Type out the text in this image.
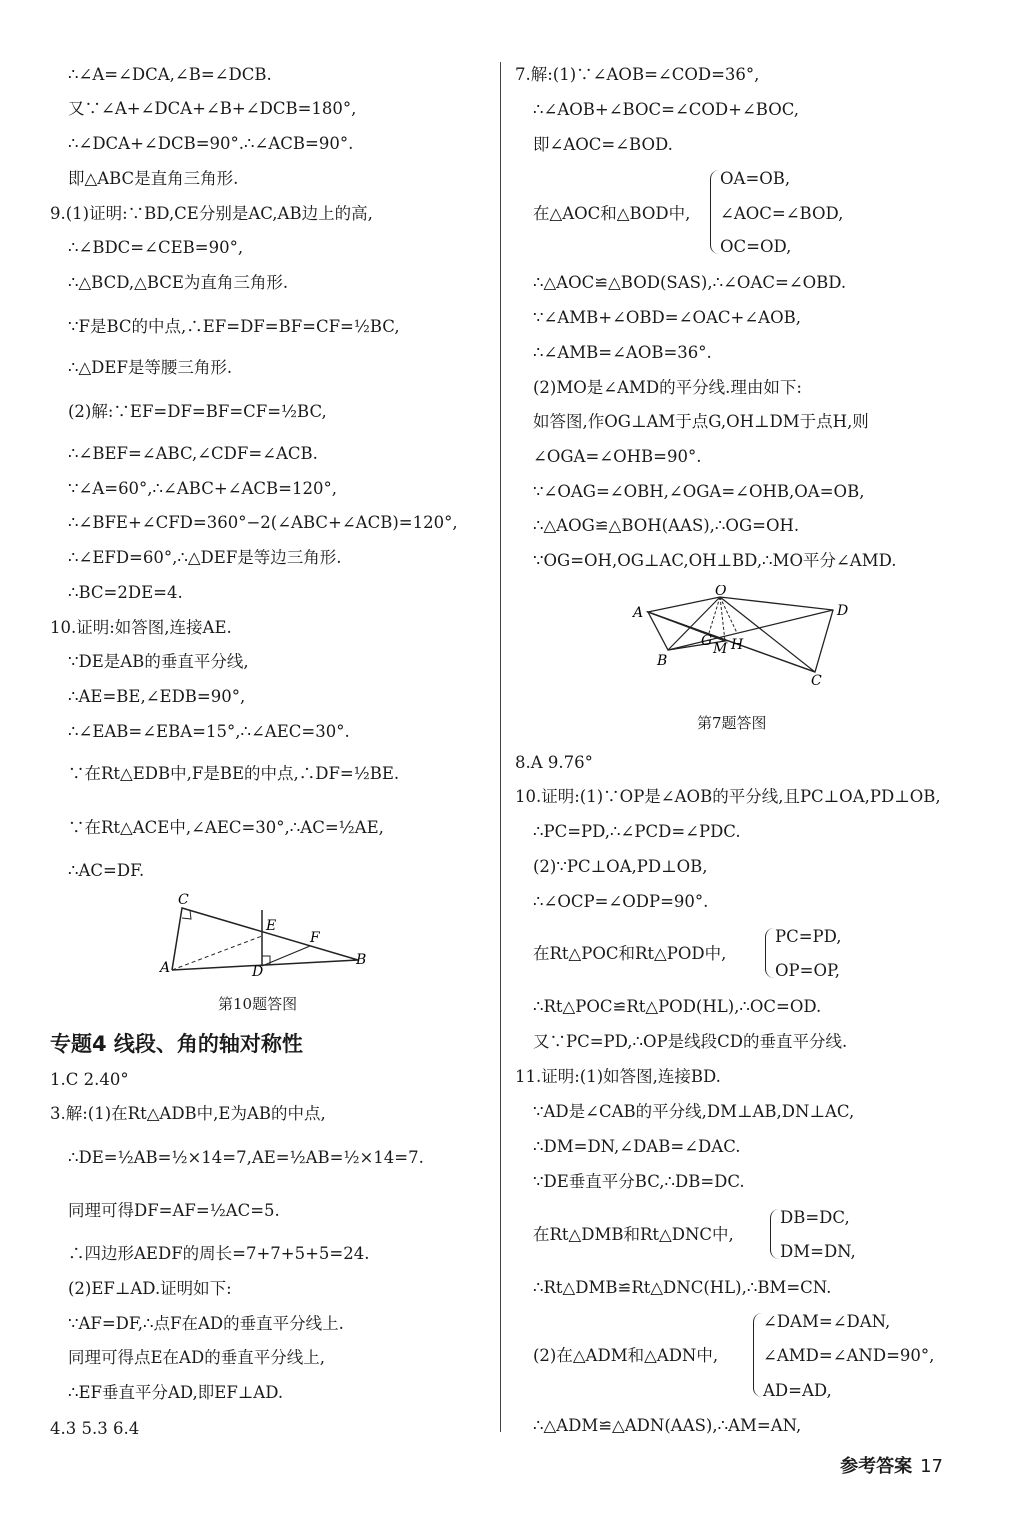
∴∠A=∠DCA,∠B=∠DCB.
又∵∠A+∠DCA+∠B+∠DCB=180°,
∴∠DCA+∠DCB=90°.∴∠ACB=90°.
即△ABC是直角三角形.
9.(1)证明:∵BD,CE分别是AC,AB边上的高,
∴∠BDC=∠CEB=90°,
∴△BCD,△BCE为直角三角形.
∵F是BC的中点,∴EF=DF=BF=CF=½BC,
∴△DEF是等腰三角形.
(2)解:∵EF=DF=BF=CF=½BC,
∴∠BEF=∠ABC,∠CDF=∠ACB.
∵∠A=60°,∴∠ABC+∠ACB=120°,
∴∠BFE+∠CFD=360°−2(∠ABC+∠ACB)=120°,
∴∠EFD=60°,∴△DEF是等边三角形.
∴BC=2DE=4.
10.证明:如答图,连接AE.
∵DE是AB的垂直平分线,
∴AE=BE,∠EDB=90°,
∴∠EAB=∠EBA=15°,∴∠AEC=30°.
∵在Rt△EDB中,F是BE的中点,∴DF=½BE.
∵在Rt△ACE中,∠AEC=30°,∴AC=½AE,
∴AC=DF.
1.C 2.40°
3.解:(1)在Rt△ADB中,E为AB的中点,
∴DE=½AB=½×14=7,AE=½AB=½×14=7.
同理可得DF=AF=½AC=5.
∴四边形AEDF的周长=7+7+5+5=24.
(2)EF⊥AD.证明如下:
∵AF=DF,∴点F在AD的垂直平分线上.
同理可得点E在AD的垂直平分线上,
∴EF垂直平分AD,即EF⊥AD.
4.3 5.3 6.4
7.解:(1)∵∠AOB=∠COD=36°,
∴∠AOB+∠BOC=∠COD+∠BOC,
即∠AOC=∠BOD.
OA=OB,
在△AOC和△BOD中, ∠AOC=∠BOD,
OC=OD,
∴△AOC≌△BOD(SAS),∴∠OAC=∠OBD.
∵∠AMB+∠OBD=∠OAC+∠AOB,
∴∠AMB=∠AOB=36°.
(2)MO是∠AMD的平分线.理由如下:
如答图,作OG⊥AM于点G,OH⊥DM于点H,则
∠OGA=∠OHB=90°.
∵∠OAG=∠OBH,∠OGA=∠OHB,OA=OB,
∴△AOG≌△BOH(AAS),∴OG=OH.
∵OG=OH,OG⊥AC,OH⊥BD,∴MO平分∠AMD.
8.A 9.76°
10.证明:(1)∵OP是∠AOB的平分线,且PC⊥OA,PD⊥OB,
∴PC=PD,∴∠PCD=∠PDC.
(2)∵PC⊥OA,PD⊥OB,
∴∠OCP=∠ODP=90°.
PC=PD,
在Rt△POC和Rt△POD中,
OP=OP,
∴Rt△POC≌Rt△POD(HL),∴OC=OD.
又∵PC=PD,∴OP是线段CD的垂直平分线.
11.证明:(1)如答图,连接BD.
∵AD是∠CAB的平分线,DM⊥AB,DN⊥AC,
∴DM=DN,∠DAB=∠DAC.
∵DE垂直平分BC,∴DB=DC.
DB=DC,
在Rt△DMB和Rt△DNC中,
DM=DN,
∴Rt△DMB≌Rt△DNC(HL),∴BM=CN.
∠DAM=∠DAN,
(2)在△ADM和△ADN中,	∠AMD=∠AND=90°,
AD=AD,
∴△ADM≌△ADN(AAS),∴AM=AN,
专题4 线段、角的轴对称性
C
E
F
A	D
B
第10题答图
O
A	D
B
G M H
C
第7题答图
参考答案 17
